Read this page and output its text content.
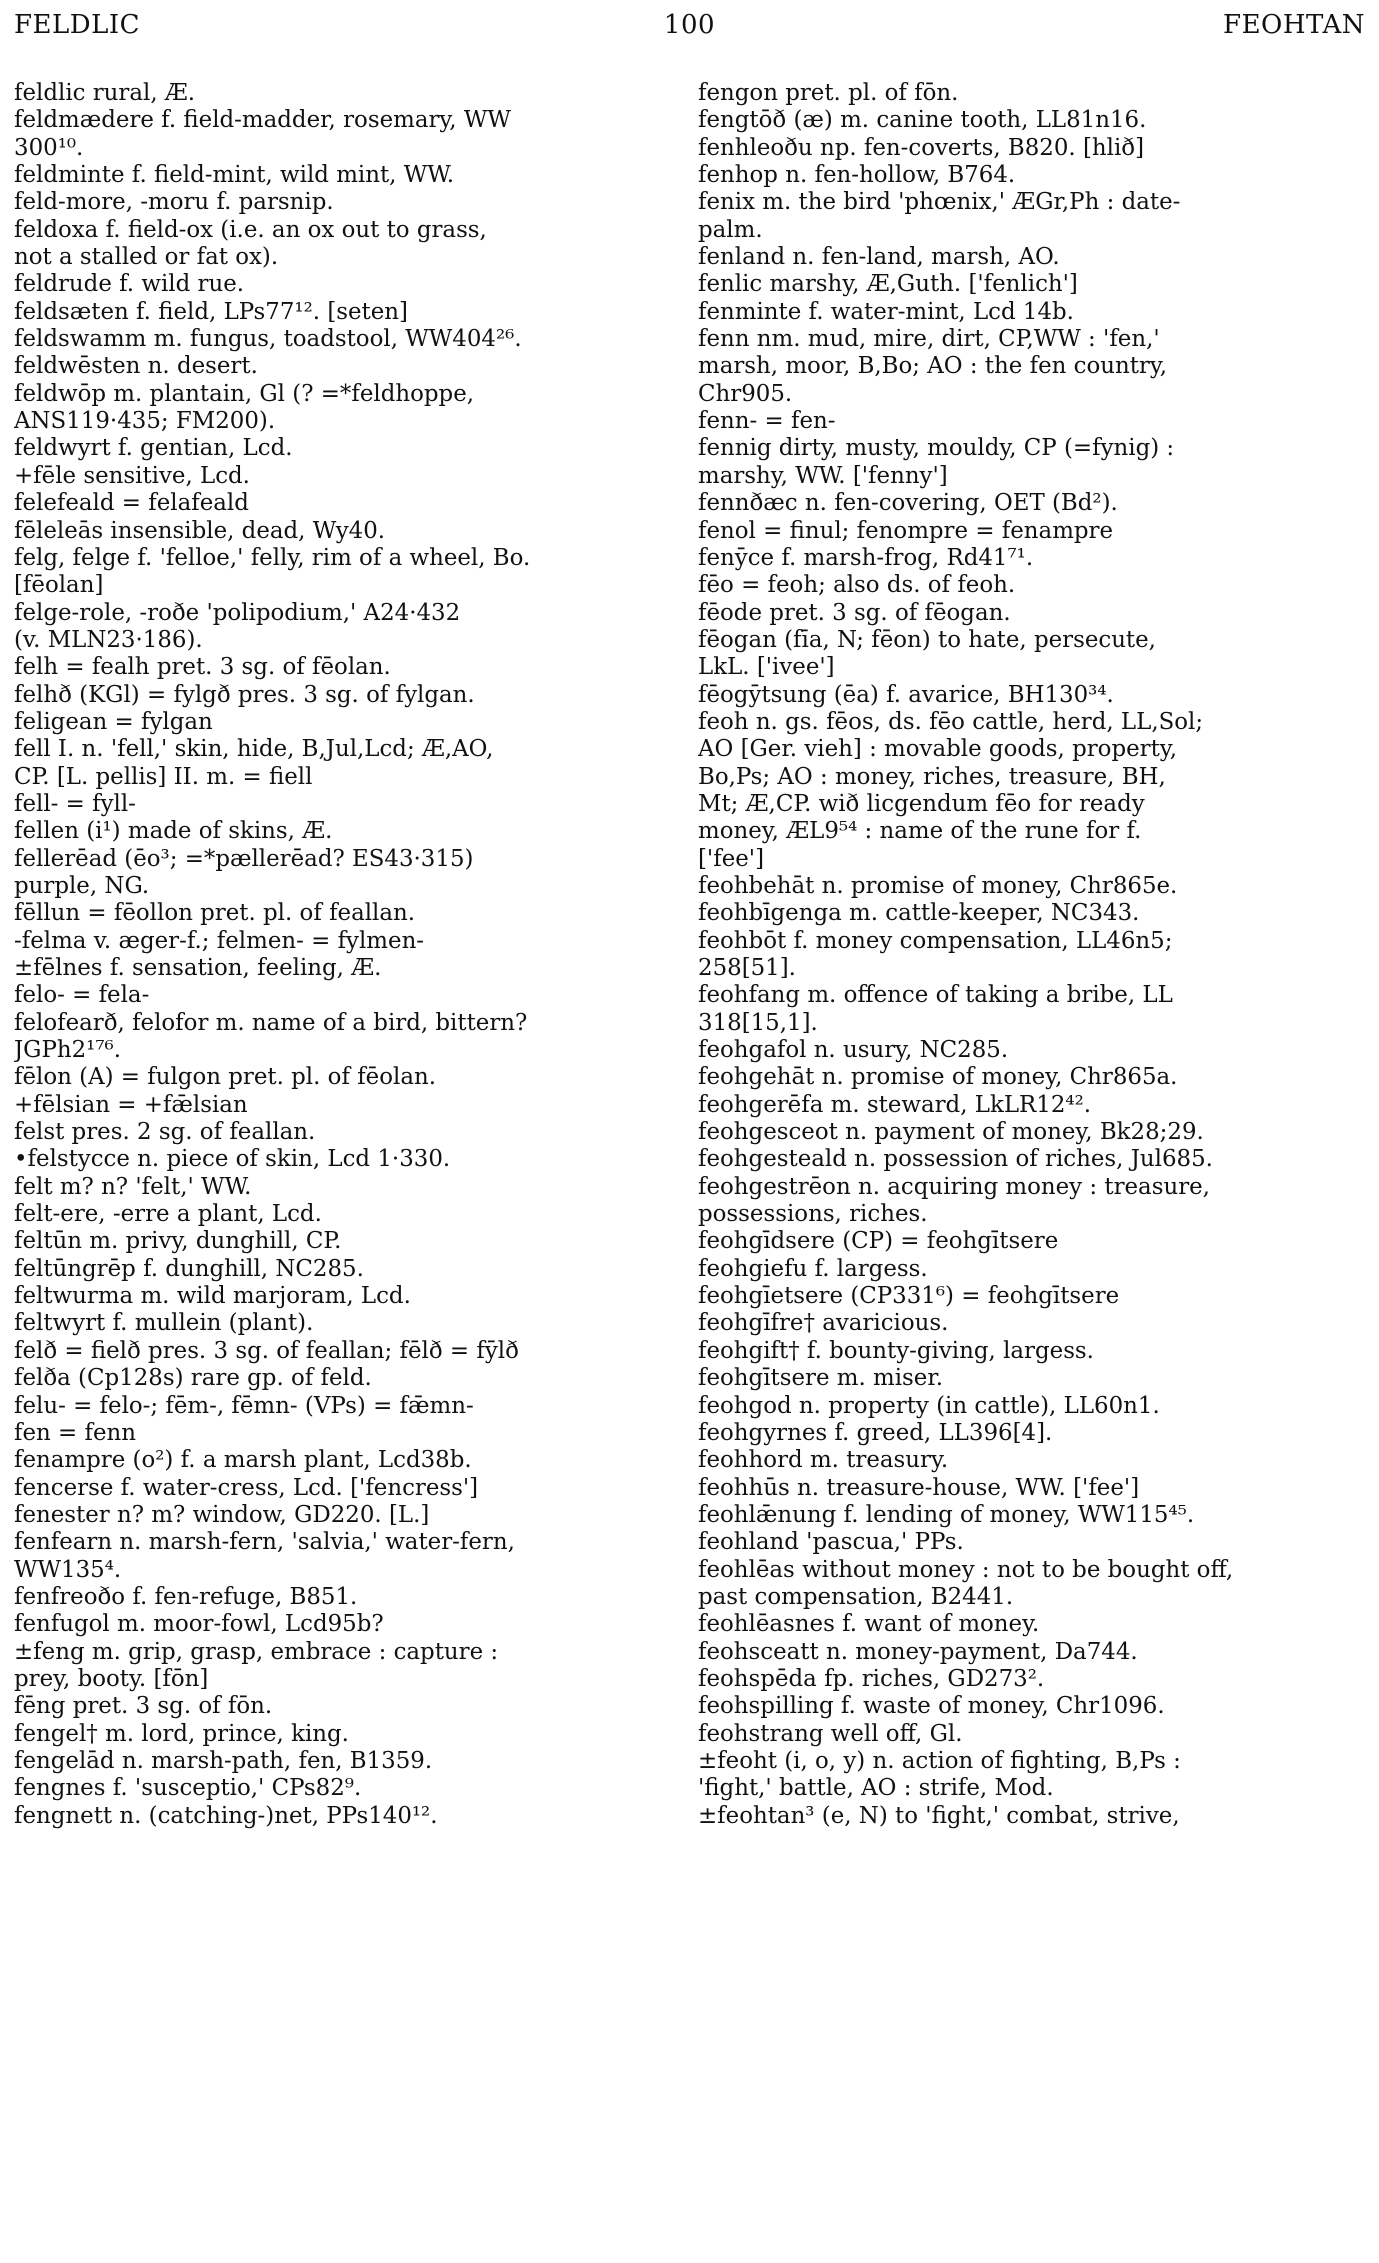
FELDLIC	100	FEOHTAN
feldlic rural, Æ.
feldmædere f. field-madder, rosemary, WW
300¹⁰.
feldminte f. field-mint, wild mint, WW.
feld-more, -moru f. parsnip.
feldoxa f. field-ox (i.e. an ox out to grass,
not a stalled or fat ox).
feldrude f. wild rue.
feldsæten f. field, LPs77¹². [seten]
feldswamm m. fungus, toadstool, WW404²⁶.
feldwēsten n. desert.
feldwōp m. plantain, Gl (? =*feldhoppe,
ANS119·435; FM200).
feldwyrt f. gentian, Lcd.
+fēle sensitive, Lcd.
felefeald = felafeald
fēleleās insensible, dead, Wy40.
felg, felge f. 'felloe,' felly, rim of a wheel, Bo.
[fēolan]
felge-role, -roðe 'polipodium,' A24·432
(v. MLN23·186).
felh = fealh pret. 3 sg. of fēolan.
felhð (KGl) = fylgð pres. 3 sg. of fylgan.
feligean = fylgan
fell I. n. 'fell,' skin, hide, B,Jul,Lcd; Æ,AO,
CP. [L. pellis] II. m. = fiell
fell- = fyll-
fellen (i¹) made of skins, Æ.
fellerēad (ēo³; =*pællerēad? ES43·315)
purple, NG.
fēllun = fēollon pret. pl. of feallan.
-felma v. æger-f.; felmen- = fylmen-
±fēlnes f. sensation, feeling, Æ.
felo- = fela-
felofearð, felofor m. name of a bird, bittern?
JGPh2¹⁷⁶.
fēlon (A) = fulgon pret. pl. of fēolan.
+fēlsian = +fǣlsian
felst pres. 2 sg. of feallan.
•felstycce n. piece of skin, Lcd 1·330.
felt m? n? 'felt,' WW.
felt-ere, -erre a plant, Lcd.
feltūn m. privy, dunghill, CP.
feltūngrēp f. dunghill, NC285.
feltwurma m. wild marjoram, Lcd.
feltwyrt f. mullein (plant).
felð = fielð pres. 3 sg. of feallan; fēlð = fȳlð
felða (Cp128s) rare gp. of feld.
felu- = felo-; fēm-, fēmn- (VPs) = fǣmn-
fen = fenn
fenampre (o²) f. a marsh plant, Lcd38b.
fencerse f. water-cress, Lcd. ['fencress']
fenester n? m? window, GD220. [L.]
fenfearn n. marsh-fern, 'salvia,' water-fern,
WW135⁴.
fenfreoðo f. fen-refuge, B851.
fenfugol m. moor-fowl, Lcd95b?
±feng m. grip, grasp, embrace : capture :
prey, booty. [fōn]
fēng pret. 3 sg. of fōn.
fengel† m. lord, prince, king.
fengelād n. marsh-path, fen, B1359.
fengnes f. 'susceptio,' CPs82⁹.
fengnett n. (catching-)net, PPs140¹².
fengon pret. pl. of fōn.
fengtōð (æ) m. canine tooth, LL81n16.
fenhleoðu np. fen-coverts, B820. [hlið]
fenhop n. fen-hollow, B764.
fenix m. the bird 'phœnix,' ÆGr,Ph : date-
palm.
fenland n. fen-land, marsh, AO.
fenlic marshy, Æ,Guth. ['fenlich']
fenminte f. water-mint, Lcd 14b.
fenn nm. mud, mire, dirt, CP,WW : 'fen,'
marsh, moor, B,Bo; AO : the fen country,
Chr905.
fenn- = fen-
fennig dirty, musty, mouldy, CP (=fynig) :
marshy, WW. ['fenny']
fennðæc n. fen-covering, OET (Bd²).
fenol = finul; fenompre = fenampre
fenȳce f. marsh-frog, Rd41⁷¹.
fēo = feoh; also ds. of feoh.
fēode pret. 3 sg. of fēogan.
fēogan (fīa, N; fēon) to hate, persecute,
LkL. ['ivee']
fēogȳtsung (ēa) f. avarice, BH130³⁴.
feoh n. gs. fēos, ds. fēo cattle, herd, LL,Sol;
AO [Ger. vieh] : movable goods, property,
Bo,Ps; AO : money, riches, treasure, BH,
Mt; Æ,CP. wið licgendum fēo for ready
money, ÆL9⁵⁴ : name of the rune for f.
['fee']
feohbehāt n. promise of money, Chr865e.
feohbīgenga m. cattle-keeper, NC343.
feohbōt f. money compensation, LL46n5;
258[51].
feohfang m. offence of taking a bribe, LL
318[15,1].
feohgafol n. usury, NC285.
feohgehāt n. promise of money, Chr865a.
feohgerēfa m. steward, LkLR12⁴².
feohgesceot n. payment of money, Bk28;29.
feohgesteald n. possession of riches, Jul685.
feohgestrēon n. acquiring money : treasure,
possessions, riches.
feohgīdsere (CP) = feohgītsere
feohgiefu f. largess.
feohgīetsere (CP331⁶) = feohgītsere
feohgīfre† avaricious.
feohgift† f. bounty-giving, largess.
feohgītsere m. miser.
feohgod n. property (in cattle), LL60n1.
feohgyrnes f. greed, LL396[4].
feohhord m. treasury.
feohhūs n. treasure-house, WW. ['fee']
feohlǣnung f. lending of money, WW115⁴⁵.
feohland 'pascua,' PPs.
feohlēas without money : not to be bought off,
past compensation, B2441.
feohlēasnes f. want of money.
feohsceatt n. money-payment, Da744.
feohspēda fp. riches, GD273².
feohspilling f. waste of money, Chr1096.
feohstrang well off, Gl.
±feoht (i, o, y) n. action of fighting, B,Ps :
'fight,' battle, AO : strife, Mod.
±feohtan³ (e, N) to 'fight,' combat, strive,
